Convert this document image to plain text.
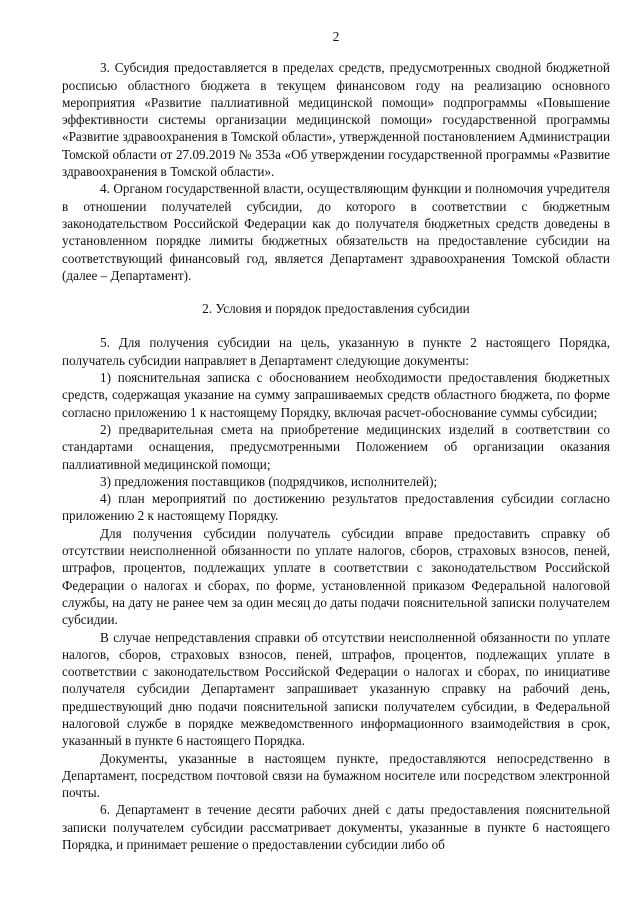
2

3. Субсидия предоставляется в пределах средств, предусмотренных сводной бюджетной росписью областного бюджета в текущем финансовом году на реализацию основного мероприятия «Развитие паллиативной медицинской помощи» подпрограммы «Повышение эффективности системы организации медицинской помощи» государственной программы «Развитие здравоохранения в Томской области», утвержденной постановлением Администрации Томской области от 27.09.2019 № 353а «Об утверждении государственной программы «Развитие здравоохранения в Томской области».

4. Органом государственной власти, осуществляющим функции и полномочия учредителя в отношении получателей субсидии, до которого в соответствии с бюджетным законодательством Российской Федерации как до получателя бюджетных средств доведены в установленном порядке лимиты бюджетных обязательств на предоставление субсидии на соответствующий финансовый год, является Департамент здравоохранения Томской области (далее – Департамент).

2. Условия и порядок предоставления субсидии

5. Для получения субсидии на цель, указанную в пункте 2 настоящего Порядка, получатель субсидии направляет в Департамент следующие документы:

1) пояснительная записка с обоснованием необходимости предоставления бюджетных средств, содержащая указание на сумму запрашиваемых средств областного бюджета, по форме согласно приложению 1 к настоящему Порядку, включая расчет-обоснование суммы субсидии;

2) предварительная смета на приобретение медицинских изделий в соответствии со стандартами оснащения, предусмотренными Положением об организации оказания паллиативной медицинской помощи;

3) предложения поставщиков (подрядчиков, исполнителей);

4) план мероприятий по достижению результатов предоставления субсидии согласно приложению 2 к настоящему Порядку.

Для получения субсидии получатель субсидии вправе предоставить справку об отсутствии неисполненной обязанности по уплате налогов, сборов, страховых взносов, пеней, штрафов, процентов, подлежащих уплате в соответствии с законодательством Российской Федерации о налогах и сборах, по форме, установленной приказом Федеральной налоговой службы, на дату не ранее чем за один месяц до даты подачи пояснительной записки получателем субсидии.

В случае непредставления справки об отсутствии неисполненной обязанности по уплате налогов, сборов, страховых взносов, пеней, штрафов, процентов, подлежащих уплате в соответствии с законодательством Российской Федерации о налогах и сборах, по инициативе получателя субсидии Департамент запрашивает указанную справку на рабочий день, предшествующий дню подачи пояснительной записки получателем субсидии, в Федеральной налоговой службе в порядке межведомственного информационного взаимодействия в срок, указанный в пункте 6 настоящего Порядка.

Документы, указанные в настоящем пункте, предоставляются непосредственно в Департамент, посредством почтовой связи на бумажном носителе или посредством электронной почты.

6. Департамент в течение десяти рабочих дней с даты предоставления пояснительной записки получателем субсидии рассматривает документы, указанные в пункте 6 настоящего Порядка, и принимает решение о предоставлении субсидии либо об
